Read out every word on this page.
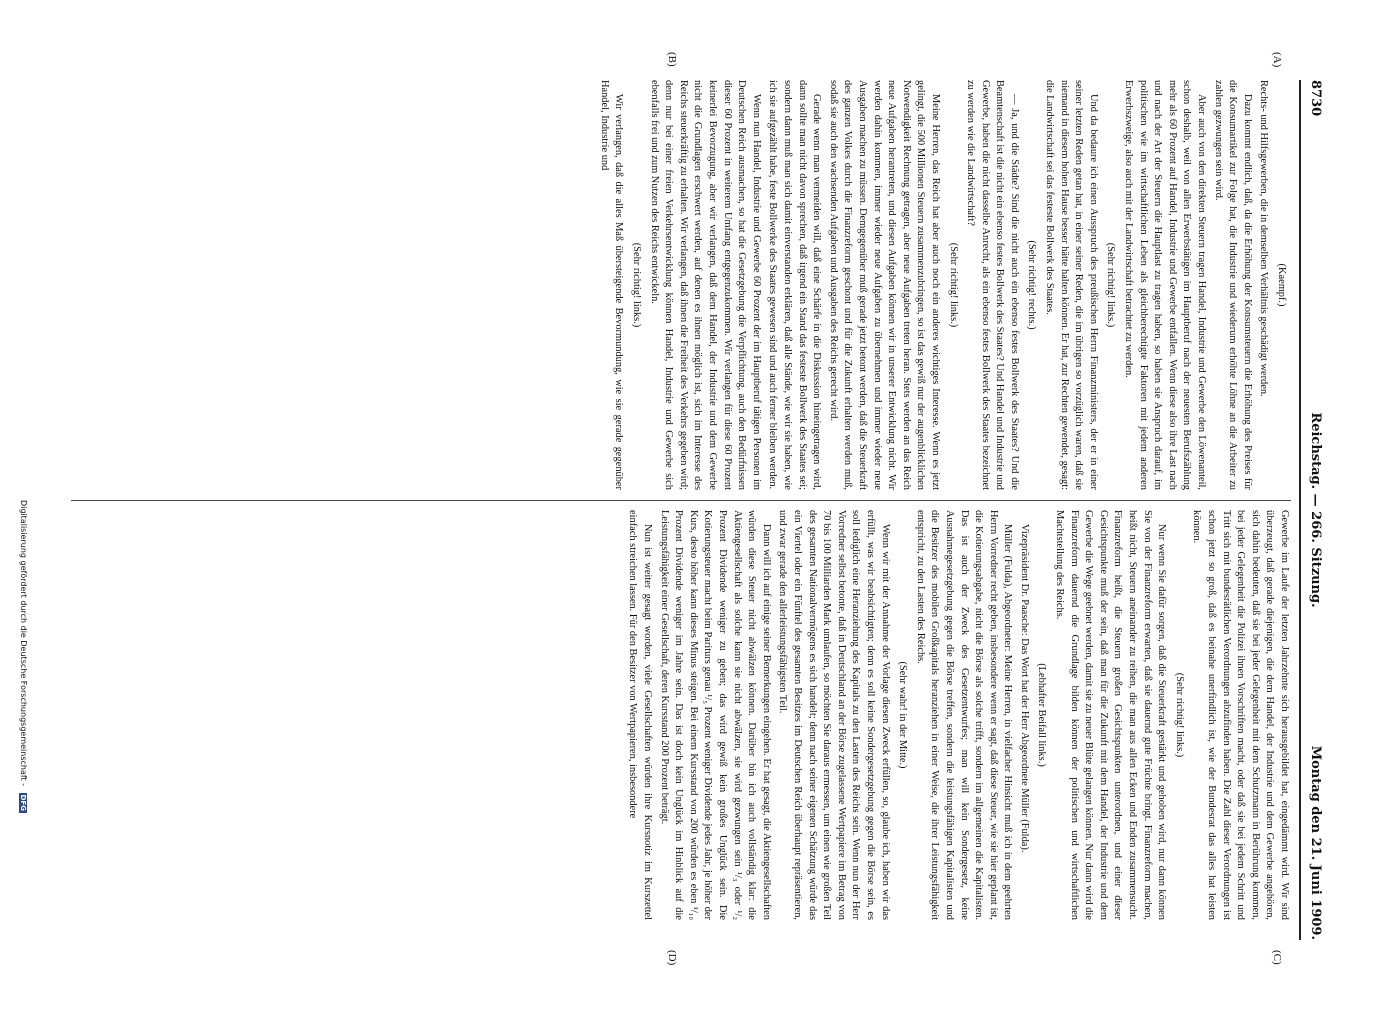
8730
Reichstag. — 266. Sitzung.
Montag den 21. Juni 1909.
(A)
(B)
(C)
(D)

(Kaempf.)

Rechts- und Hilfsgewerben, die in demselben Verhältnis geschädigt werden.

Dazu kommt endlich, daß, da die Erhöhung der Konsumsteuern die Erhöhung des Preises für die Konsumartikel zur Folge hat, die Industrie und wiederum erhöhte Löhne an die Arbeiter zu zahlen gezwungen sein wird.

Aber auch von den direkten Steuern tragen Handel, Industrie und Gewerbe den Löwenanteil, schon deshalb, weil von allen Erwerbstätigen im Hauptberuf nach der neuesten Berufszählung mehr als 60 Prozent auf Handel, Industrie und Gewerbe entfallen. Wenn diese also ihre Last nach und nach der Art der Steuern die Hauptlast zu tragen haben, so haben sie Anspruch darauf, im politischen wie im wirtschaftlichen Leben als gleichberechtigte Faktoren mit jedem anderen Erwerbszweige, also auch mit der Landwirtschaft betrachtet zu werden.

(Sehr richtig! links.)

Und da bedaure ich einen Ausspruch des preußischen Herrn Finanzministers, der er in einer seiner letzten Reden getan hat, in einer seiner Reden, die im übrigen so vorzüglich waren, daß sie niemand in diesem hohen Hause besser hätte halten können. Er hat, zur Rechten gewendet, gesagt: die Landwirtschaft sei das festeste Bollwerk des Staates.

(Sehr richtig! rechts.)

— Ja, und die Städte? Sind die nicht auch ein ebenso festes Bollwerk des Staates? Und die Beamtenschaft ist die nicht ein ebenso festes Bollwerk des Staates? Und Handel und Industrie und Gewerbe, haben die nicht dasselbe Anrecht, als ein ebenso festes Bollwerk des Staates bezeichnet zu werden wie die Landwirtschaft?

(Sehr richtig! links.)

Meine Herren, das Reich hat aber auch noch ein anderes wichtiges Interesse. Wenn es jetzt gelingt, die 500 Millionen Steuern zusammenzubringen, so ist das gewiß nur der augenblicklichen Notwendigkeit Rechnung getragen, aber neue Aufgaben treten heran. Stets werden an das Reich neue Aufgaben herantreten, und diesen Aufgaben können wir in unserer Entwicklung nicht. Wir werden dahin kommen, immer wieder neue Aufgaben zu übernehmen und immer wieder neue Ausgaben machen zu müssen. Demgegenüber muß gerade jetzt betont werden, daß die Steuerkraft des ganzen Volkes durch die Finanzreform geschont und für die Zukunft erhalten werden muß, sodaß sie auch den wachsenden Aufgaben und Ausgaben des Reichs gerecht wird.

Gerade wenn man vermeiden will, daß eine Schärfe in die Diskussion hineingetragen wird, dann sollte man nicht davon sprechen, daß irgend ein Stand das festeste Bollwerk des Staates sei; sondern dann muß man sich damit einverstanden erklären, daß alle Stände, wie wir sie haben, wie ich sie aufgezählt habe, feste Bollwerke des Staates gewesen sind und auch ferner bleiben werden.

Wenn nun Handel, Industrie und Gewerbe 60 Prozent der im Hauptberuf tätigen Personen im Deutschen Reich ausmachen, so hat die Gesetzgebung die Verpflichtung, auch den Bedürfnissen dieser 60 Prozent in weiterem Umfang entgegenzukommen. Wir verlangen für diese 60 Prozent keinerlei Bevorzugung, aber wir verlangen, daß dem Handel, der Industrie und dem Gewerbe nicht die Grundlagen erschwert werden, auf denen es ihnen möglich ist, sich im Interesse des Reichs steuerkräftig zu erhalten. Wir verlangen, daß ihnen die Freiheit des Verkehrs gegeben wird; denn nur bei einer freien Verkehrsentwicklung können Handel, Industrie und Gewerbe sich ebenfalls frei und zum Nutzen des Reichs entwickeln.

(Sehr richtig! links.)

Wir verlangen, daß die alles Maß übersteigende Bevormundung, wie sie gerade gegenüber Handel, Industrie und

Gewerbe im Laufe der letzten Jahrzehnte sich herausgebildet hat, eingedämmt wird. Wir sind überzeugt, daß gerade diejenigen, die dem Handel, der Industrie und dem Gewerbe angehören, sich dahin bedeuten, daß sie bei jeder Gelegenheit mit dem Schutzmann in Berührung kommen, bei jeder Gelegenheit die Polizei ihnen Vorschriften macht, oder daß sie bei jedem Schritt und Tritt sich mit bundesrätlichen Verordnungen abzufinden haben. Die Zahl dieser Verordnungen ist schon jetzt so groß, daß es beinahe unerfindlich ist, wie der Bundesrat das alles hat leisten können.

(Sehr richtig! links.)

Nur wenn Sie dafür sorgen, daß die Steuerkraft gestärkt und gehoben wird, nur dann können Sie von der Finanzreform erwarten, daß sie dauernd gute Früchte bringt. Finanzreform machen, heißt nicht, Steuern aneinander zu reihen, die man aus allen Ecken und Enden zusammensucht. Finanzreform heißt, die Steuern großen Gesichtspunkten unterordnen, und einer dieser Gesichtspunkte muß der sein, daß man für die Zukunft mit dem Handel, der Industrie und dem Gewerbe die Wege geebnet werden, damit sie zu neuer Blüte gelangen können. Nur dann wird die Finanzreform dauernd die Grundlage bilden können der politischen und wirtschaftlichen Machtstellung des Reichs.

(Lebhafter Beifall links.)

Vizepräsident Dr. Paasche: Das Wort hat der Herr Abgeordnete Müller (Fulda).

Müller (Fulda), Abgeordneter: Meine Herren, in vielfacher Hinsicht muß ich in dem geehrten Herrn Vorredner recht geben, insbesondere wenn er sagt, daß diese Steuer, wie sie hier geplant ist, die Kotierungsabgabe, nicht die Börse als solche trifft, sondern im allgemeinen die Kapitalisten. Das ist auch der Zweck des Gesetzentwurfes; man will kein Sondergesetz, keine Ausnahmegesetzgebung gegen die Börse treffen, sondern die leistungsfähigen Kapitalisten und die Besitzer des mobilen Großkapitals heranziehen in einer Weise, die ihrer Leistungsfähigkeit entspricht, zu den Lasten des Reichs.

(Sehr wahr! in der Mitte.)

Wenn wir mit der Annahme der Vorlage diesen Zweck erfüllen, so, glaube ich, haben wir das erfüllt, was wir beabsichtigten; denn es soll keine Sondergesetzgebung gegen die Börse sein, es soll lediglich eine Heranziehung des Kapitals zu den Lasten des Reichs sein. Wenn nun der Herr Vorredner selbst betonte, daß in Deutschland an der Börse zugelassene Wertpapiere im Betrag von 70 bis 100 Milliarden Mark umlaufen, so möchten Sie daraus ermessen, um einen wie großen Teil des gesamten Nationalvermögens es sich handelt; denn nach seiner eigenen Schätzung würde das ein Viertel oder ein Fünftel des gesamten Besitzes im Deutschen Reich überhaupt repräsentieren, und zwar gerade den allerleistungsfähigsten Teil.

Dann will ich auf einige seiner Bemerkungen eingehen. Er hat gesagt, die Aktiengesellschaften würden diese Steuer nicht abwälzen können. Darüber bin ich auch vollständig klar: die Aktiengesellschaft als solche kann sie nicht abwälzen, sie wird gezwungen sein ¹/₃ oder ¹/₂ Prozent Dividende weniger zu geben; das wird gewiß kein großes Unglück sein. Die Kotierungsteuer macht beim Pariturs genau ¹/₅ Prozent weniger Dividende jedes Jahr, je höher der Kurs, desto höher kann dieses Minus steigen. Bei einem Kursstand von 200 würden es eben ¹/₁₀ Prozent Dividende weniger im Jahre sein. Das ist doch kein Unglück im Hinblick auf die Leistungsfähigkeit einer Gesellschaft, deren Kursstand 200 Prozent beträgt.

Nun ist weiter gesagt worden, viele Gesellschaften würden ihre Kursnotiz im Kurszettel einfach streichen lassen. Für den Besitzer von Wertpapieren, insbesondere

Digitalisierung gefördert durch die Deutsche Forschungsgemeinschaft - DFG
